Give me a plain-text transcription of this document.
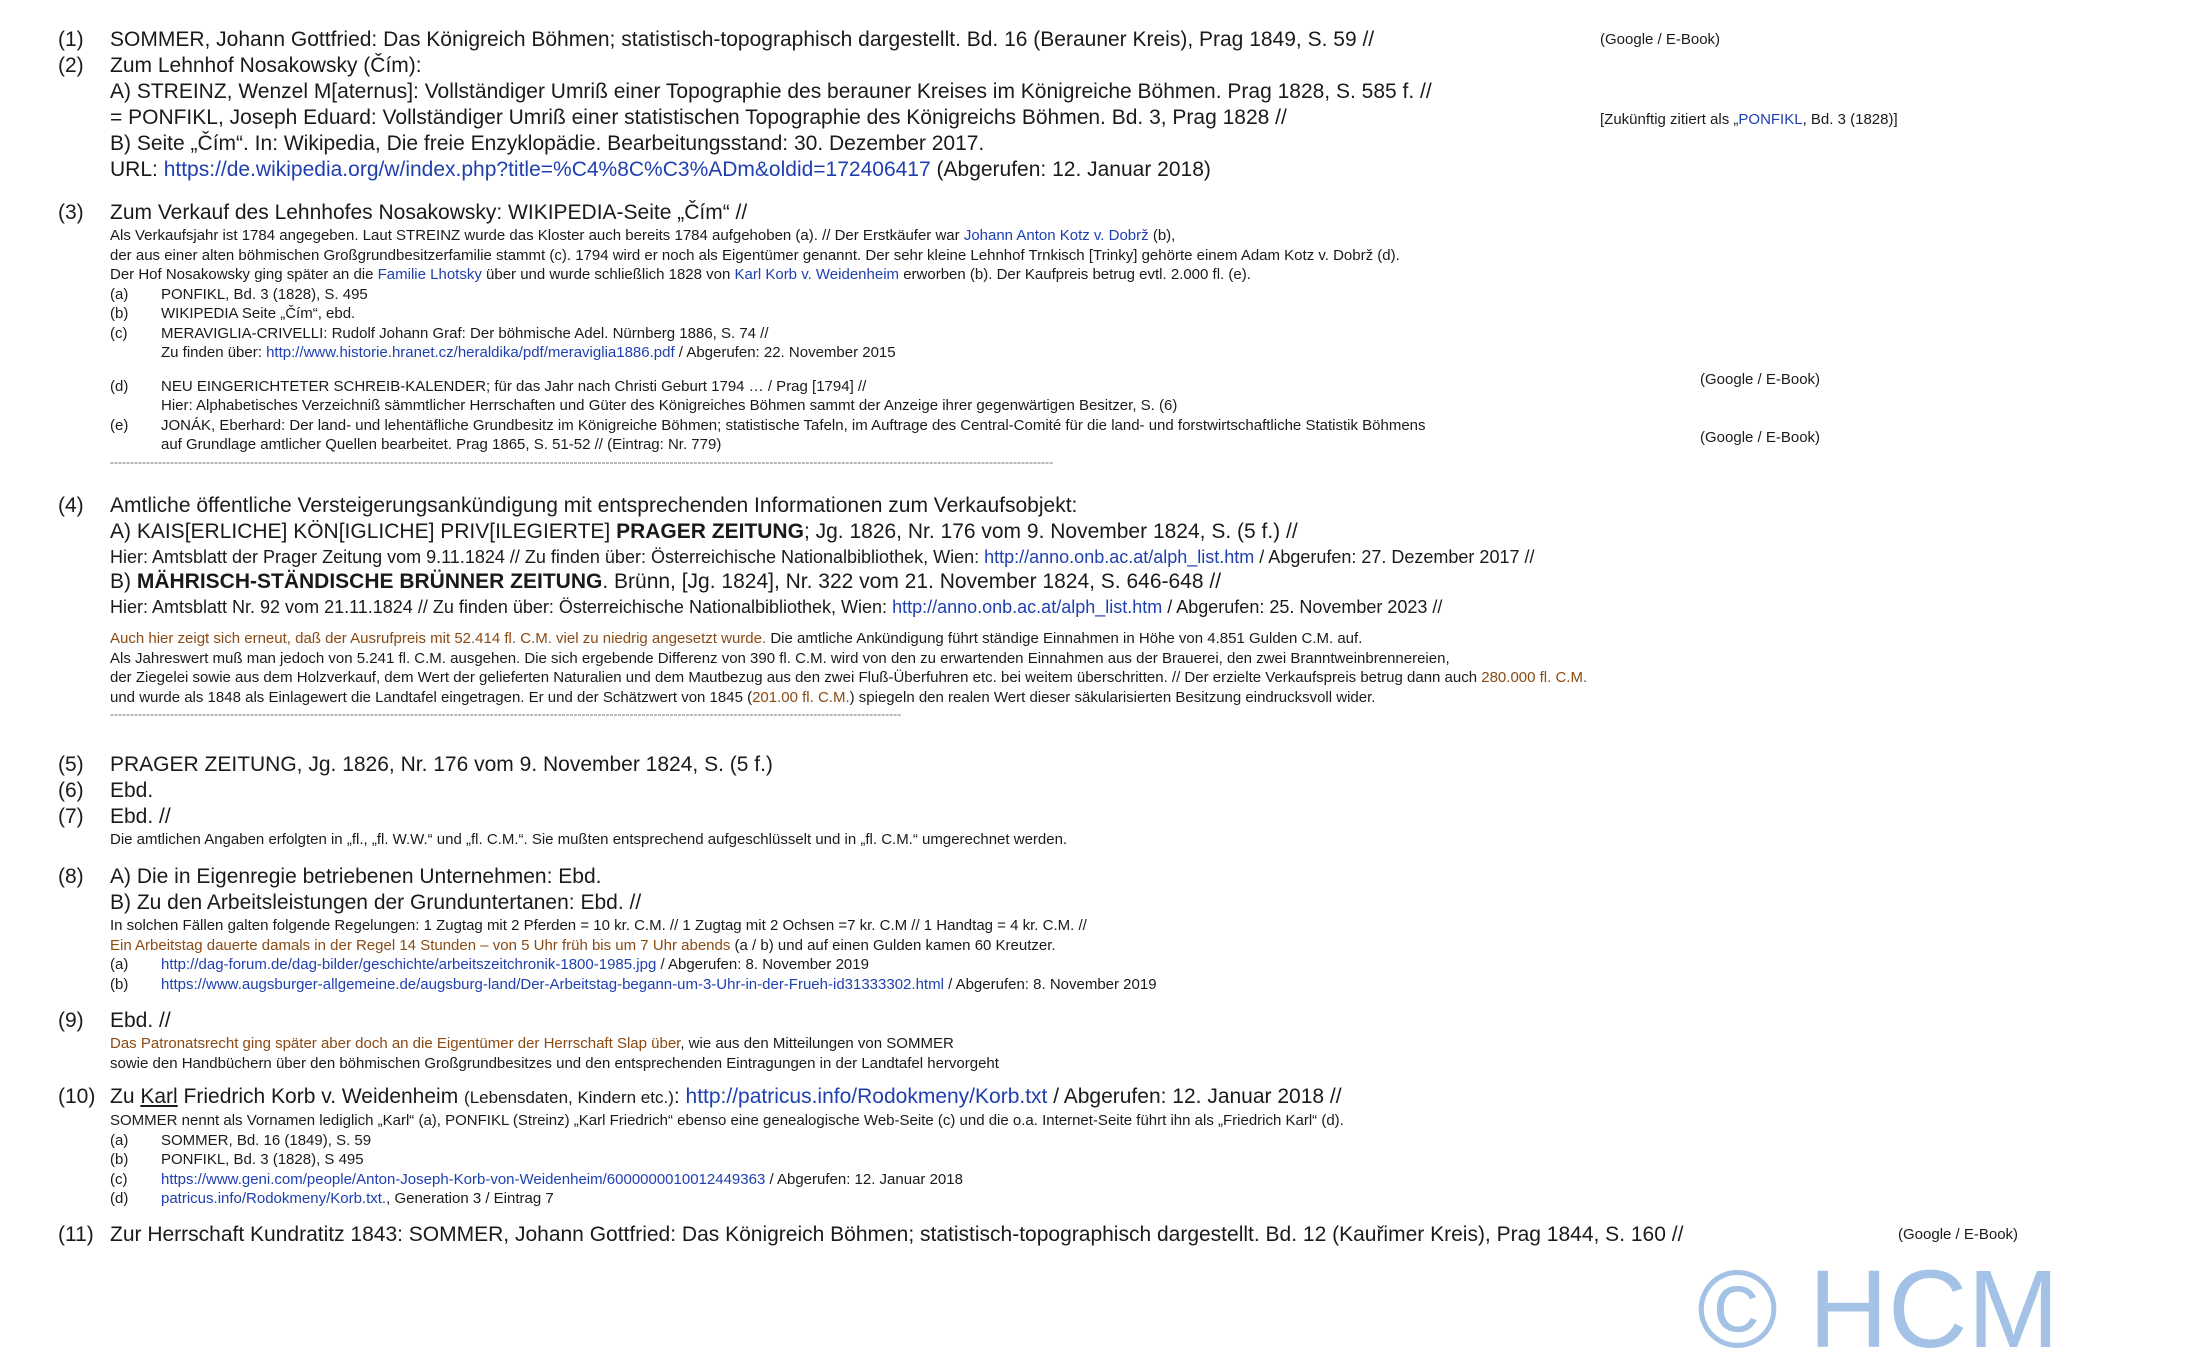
(1)	SOMMER, Johann Gottfried: Das Königreich Böhmen; statistisch-topographisch dargestellt. Bd. 16 (Berauner Kreis), Prag 1849, S. 59 //	(Google / E-Book)
(2)	Zum Lehnhof Nosakowsky (Čím):
A) STREINZ, Wenzel M[aternus]: Vollständiger Umriß einer Topographie des berauner Kreises im Königreiche Böhmen. Prag 1828, S. 585 f. //
= PONFIKL, Joseph Eduard: Vollständiger Umriß einer statistischen Topographie des Königreichs Böhmen. Bd. 3, Prag 1828 //
B) Seite „Čím“. In: Wikipedia, Die freie Enzyklopädie. Bearbeitungsstand: 30. Dezember 2017.
URL: https://de.wikipedia.org/w/index.php?title=%C4%8C%C3%ADm&oldid=172406417 (Abgerufen: 12. Januar 2018)
[Zukünftig zitiert als „PONFIKL, Bd. 3 (1828)]
(3)	Zum Verkauf des Lehnhofes Nosakowsky: WIKIPEDIA-Seite „Čím“ //
Als Verkaufsjahr ist 1784 angegeben. Laut STREINZ wurde das Kloster auch bereits 1784 aufgehoben (a). // Der Erstkäufer war Johann Anton Kotz v. Dobrž (b),
der aus einer alten böhmischen Großgrundbesitzerfamilie stammt (c). 1794 wird er noch als Eigentümer genannt. Der sehr kleine Lehnhof Trnkisch [Trinky] gehörte einem Adam Kotz v. Dobrž (d).
Der Hof Nosakowsky ging später an die Familie Lhotsky über und wurde schließlich 1828 von Karl Korb v. Weidenheim erworben (b). Der Kaufpreis betrug evtl. 2.000 fl. (e).
(a) PONFIKL, Bd. 3 (1828), S. 495
(b) WIKIPEDIA Seite „Čím“, ebd.
(c) MERAVIGLIA-CRIVELLI: Rudolf Johann Graf: Der böhmische Adel. Nürnberg 1886, S. 74 //
Zu finden über: http://www.historie.hranet.cz/heraldika/pdf/meraviglia1886.pdf / Abgerufen: 22. November 2015
(d) NEU EINGERICHTETER SCHREIB-KALENDER; für das Jahr nach Christi Geburt 1794 … / Prag [1794] //
Hier: Alphabetisches Verzeichniß sämmtlicher Herrschaften und Güter des Königreiches Böhmen sammt der Anzeige ihrer gegenwärtigen Besitzer, S. (6)
(e) JONÁK, Eberhard: Der land- und lehentäfliche Grundbesitz im Königreiche Böhmen; statistische Tafeln, im Auftrage des Central-Comité für die land- und forstwirtschaftliche Statistik Böhmens
auf Grundlage amtlicher Quellen bearbeitet. Prag 1865, S. 51-52 // (Eintrag: Nr. 779)
--------------------------------------------------------------------------------------------------------------------------------------------------------------------------------------------------------------------------------------------
(Google / E-Book)
(Google / E-Book)
(4)	Amtliche öffentliche Versteigerungsankündigung mit entsprechenden Informationen zum Verkaufsobjekt:
A) KAIS[ERLICHE] KÖN[IGLICHE] PRIV[ILEGIERTE] PRAGER ZEITUNG; Jg. 1826, Nr. 176 vom 9. November 1824, S. (5 f.) //
Hier: Amtsblatt der Prager Zeitung vom 9.11.1824 // Zu finden über: Österreichische Nationalbibliothek, Wien: http://anno.onb.ac.at/alph_list.htm / Abgerufen: 27. Dezember 2017 //
B) MÄHRISCH-STÄNDISCHE BRÜNNER ZEITUNG. Brünn, [Jg. 1824], Nr. 322 vom 21. November 1824, S. 646-648 //
Hier: Amtsblatt Nr. 92 vom 21.11.1824 // Zu finden über: Österreichische Nationalbibliothek, Wien: http://anno.onb.ac.at/alph_list.htm / Abgerufen: 25. November 2023 //
Auch hier zeigt sich erneut, daß der Ausrufpreis mit 52.414 fl. C.M. viel zu niedrig angesetzt wurde. Die amtliche Ankündigung führt ständige Einnahmen in Höhe von 4.851 Gulden C.M. auf.
Als Jahreswert muß man jedoch von 5.241 fl. C.M. ausgehen. Die sich ergebende Differenz von 390 fl. C.M. wird von den zu erwartenden Einnahmen aus der Brauerei, den zwei Branntweinbrennereien,
der Ziegelei sowie aus dem Holzverkauf, dem Wert der gelieferten Naturalien und dem Mautbezug aus den zwei Fluß-Überfuhren etc. bei weitem überschritten. // Der erzielte Verkaufspreis betrug dann auch 280.000 fl. C.M.
und wurde als 1848 als Einlagewert die Landtafel eingetragen. Er und der Schätzwert von 1845 (201.00 fl. C.M.) spiegeln den realen Wert dieser säkularisierten Besitzung eindrucksvoll wider.
------------------------------------------------------------------------------------------------------------------------------------------------------------------------------------------------------
(5)	PRAGER ZEITUNG, Jg. 1826, Nr. 176 vom 9. November 1824, S. (5 f.)
(6)	Ebd.
(7)	Ebd. //
Die amtlichen Angaben erfolgten in „fl., „fl. W.W.“ und „fl. C.M.“. Sie mußten entsprechend aufgeschlüsselt und in „fl. C.M.“ umgerechnet werden.
(8)	A) Die in Eigenregie betriebenen Unternehmen: Ebd.
B) Zu den Arbeitsleistungen der Grunduntertanen: Ebd. //
In solchen Fällen galten folgende Regelungen: 1 Zugtag mit 2 Pferden = 10 kr. C.M. // 1 Zugtag mit 2 Ochsen =7 kr. C.M // 1 Handtag = 4 kr. C.M. //
Ein Arbeitstag dauerte damals in der Regel 14 Stunden – von 5 Uhr früh bis um 7 Uhr abends (a / b) und auf einen Gulden kamen 60 Kreutzer.
(a) http://dag-forum.de/dag-bilder/geschichte/arbeitszeitchronik-1800-1985.jpg / Abgerufen: 8. November 2019
(b) https://www.augsburger-allgemeine.de/augsburg-land/Der-Arbeitstag-begann-um-3-Uhr-in-der-Frueh-id31333302.html / Abgerufen: 8. November 2019
(9)	Ebd. //
Das Patronatsrecht ging später aber doch an die Eigentümer der Herrschaft Slap über, wie aus den Mitteilungen von SOMMER
sowie den Handbüchern über den böhmischen Großgrundbesitzes und den entsprechenden Eintragungen in der Landtafel hervorgeht
(10) Zu Karl Friedrich Korb v. Weidenheim (Lebensdaten, Kindern etc.): http://patricus.info/Rodokmeny/Korb.txt / Abgerufen: 12. Januar 2018 //
SOMMER nennt als Vornamen lediglich „Karl“ (a), PONFIKL (Streinz) „Karl Friedrich“ ebenso eine genealogische Web-Seite (c) und die o.a. Internet-Seite führt ihn als „Friedrich Karl“ (d).
(a) SOMMER, Bd. 16 (1849), S. 59
(b) PONFIKL, Bd. 3 (1828), S 495
(c) https://www.geni.com/people/Anton-Joseph-Korb-von-Weidenheim/6000000010012449363 / Abgerufen: 12. Januar 2018
(d) patricus.info/Rodokmeny/Korb.txt., Generation 3 / Eintrag 7
(11) Zur Herrschaft Kundratitz 1843: SOMMER, Johann Gottfried: Das Königreich Böhmen; statistisch-topographisch dargestellt. Bd. 12 (Kauřimer Kreis), Prag 1844, S. 160 //	(Google / E-Book)
© HCM
